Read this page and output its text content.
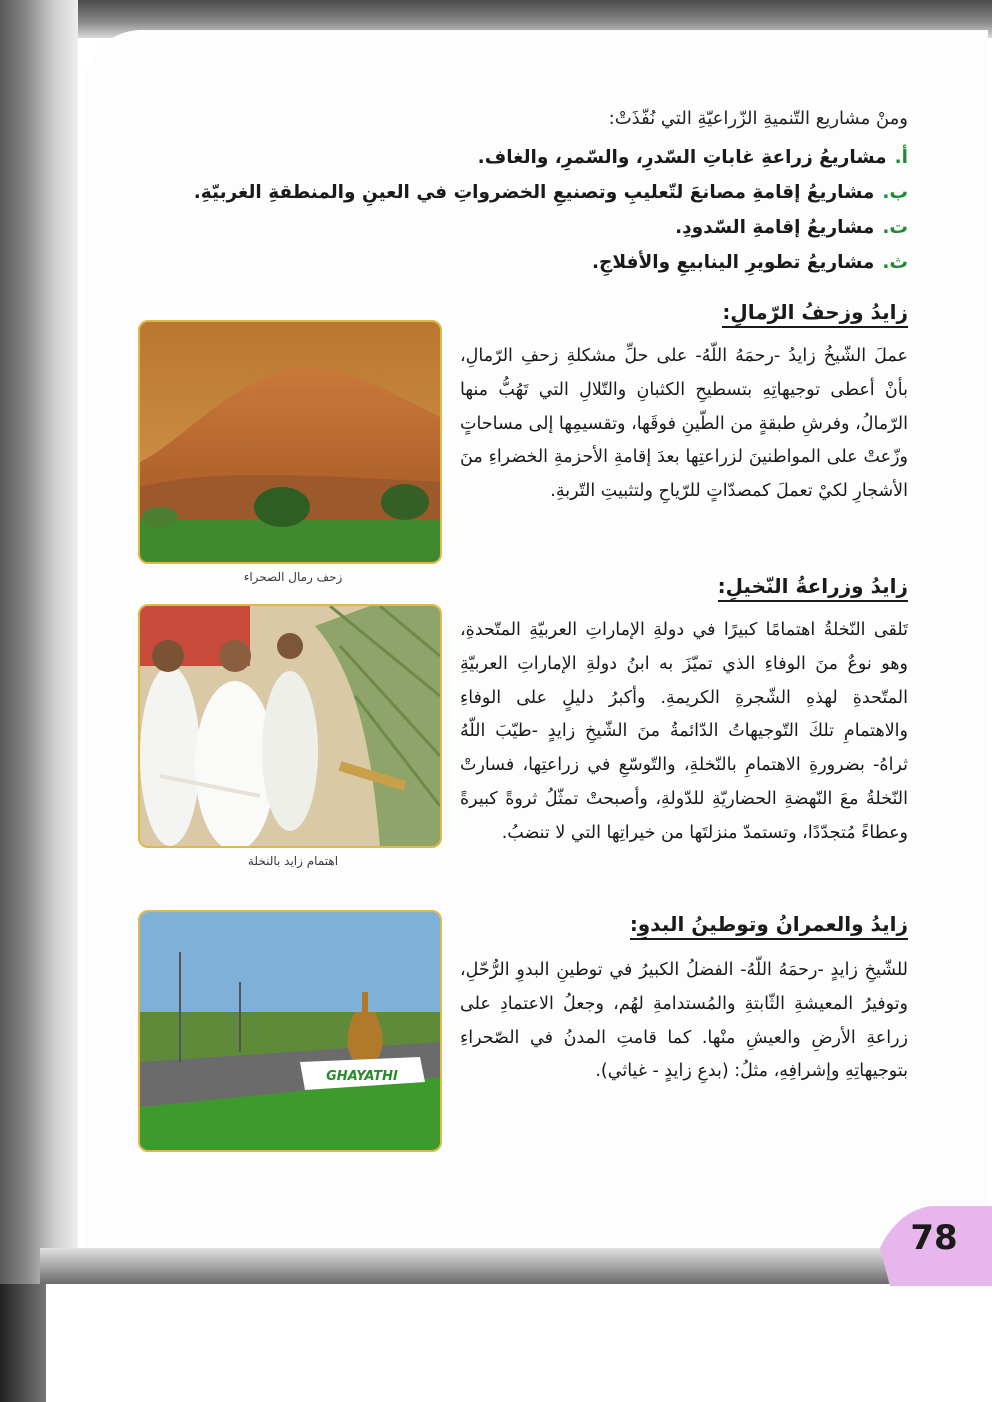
ومنْ مشاريع التّنميةِ الزّراعيّةِ التي نُفّذَتْ:
أ.مشاريعُ زراعةِ غاباتِ السّدرِ، والسّمرِ، والغاف.
ب.مشاريعُ إقامةِ مصانعَ لتّعليبِ وتصنيعِ الخضرواتِ في العينِ والمنطقةِ الغربيّةِ.
ت.مشاريعُ إقامةِ السّدودِ.
ث.مشاريعُ تطويرِ الينابيعِ والأفلاجِ.
زايدُ وزحفُ الرّمالِ:
عملَ الشّيخُ زايدُ -رحمَهُ اللّهُ- على حلِّ مشكلةِ زحفِ الرّمالِ، بأنْ أعطى توجيهاتِهِ بتسطيحِ الكثبانِ والتّلالِ التي تَهُبُّ منها الرّمالُ، وفرشِ طبقةٍ من الطّينِ فوقَها، وتقسيمِها إلى مساحاتٍ وزّعتْ على المواطنينَ لزراعتِها بعدَ إقامةِ الأحزمةِ الخضراءِ منَ الأشجارِ لكيْ تعملَ كمصدّاتٍ للرّياحِ ولتثبيتِ التّربةِ.
زحف رمال الصحراء	زايدُ وزراعةُ النّخيلِ:
تَلقى النّخلةُ اهتمامًا كبيرًا في دولةِ الإماراتِ العربيّةِ المتّحدةِ، وهو نوعٌ منَ الوفاءِ الذي تميّزَ به ابنُ دولةِ الإماراتِ العربيّةِ المتّحدةِ لهذهِ الشّجرةِ الكريمةِ. وأكبرُ دليلٍ على الوفاءِ والاهتمامِ تلكَ التّوجيهاتُ الدّائمةُ منَ الشّيخِ زايدٍ -طيّبَ اللّهُ ثراهُ- بضرورةِ الاهتمامِ بالنّخلةِ، والتّوسّعِ في زراعتِها، فسارتْ النّخلةُ معَ النّهضةِ الحضاريّةِ للدّولةِ، وأصبحتْ تمثّلُ ثروةً كبيرةً وعطاءً مُتجدّدًا، وتستمدّ منزلتَها من خيراتِها التي لا تنضبُ.
اهتمام زايد بالنخلة
زايدُ والعمرانُ وتوطينُ البدوِ:
للشّيخِ زايدٍ -رحمَهُ اللّهُ- الفضلُ الكبيرُ في توطينِ البدوِ الرُّحّلِ، وتوفيرُ المعيشةِ الثّابتةِ والمُستدامةِ لهُم، وجعلُ الاعتمادِ على زراعةِ الأرضِ والعيشِ منْها. كما قامتِ المدنُ في الصّحراءِ بتوجيهاتِهِ وإشرافِهِ، مثلُ: (بدعِ زايدٍ - غياثي).
GHAYATHI
78
